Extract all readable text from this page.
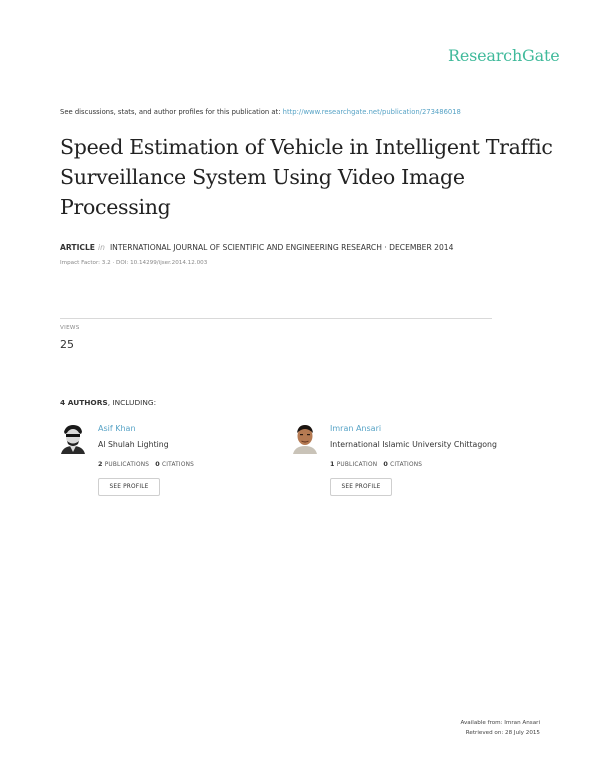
ResearchGate
See discussions, stats, and author profiles for this publication at: http://www.researchgate.net/publication/273486018
Speed Estimation of Vehicle in Intelligent Traffic
Surveillance System Using Video Image
Processing
ARTICLE in INTERNATIONAL JOURNAL OF SCIENTIFIC AND ENGINEERING RESEARCH · DECEMBER 2014
Impact Factor: 3.2 · DOI: 10.14299/ijser.2014.12.003
VIEWS
25
4 AUTHORS, INCLUDING:
Asif Khan
Al Shulah Lighting
2 PUBLICATIONS 0 CITATIONS
SEE PROFILE
Imran Ansari
International Islamic University Chittagong
1 PUBLICATION 0 CITATIONS
SEE PROFILE
Available from: Imran Ansari
Retrieved on: 28 July 2015
